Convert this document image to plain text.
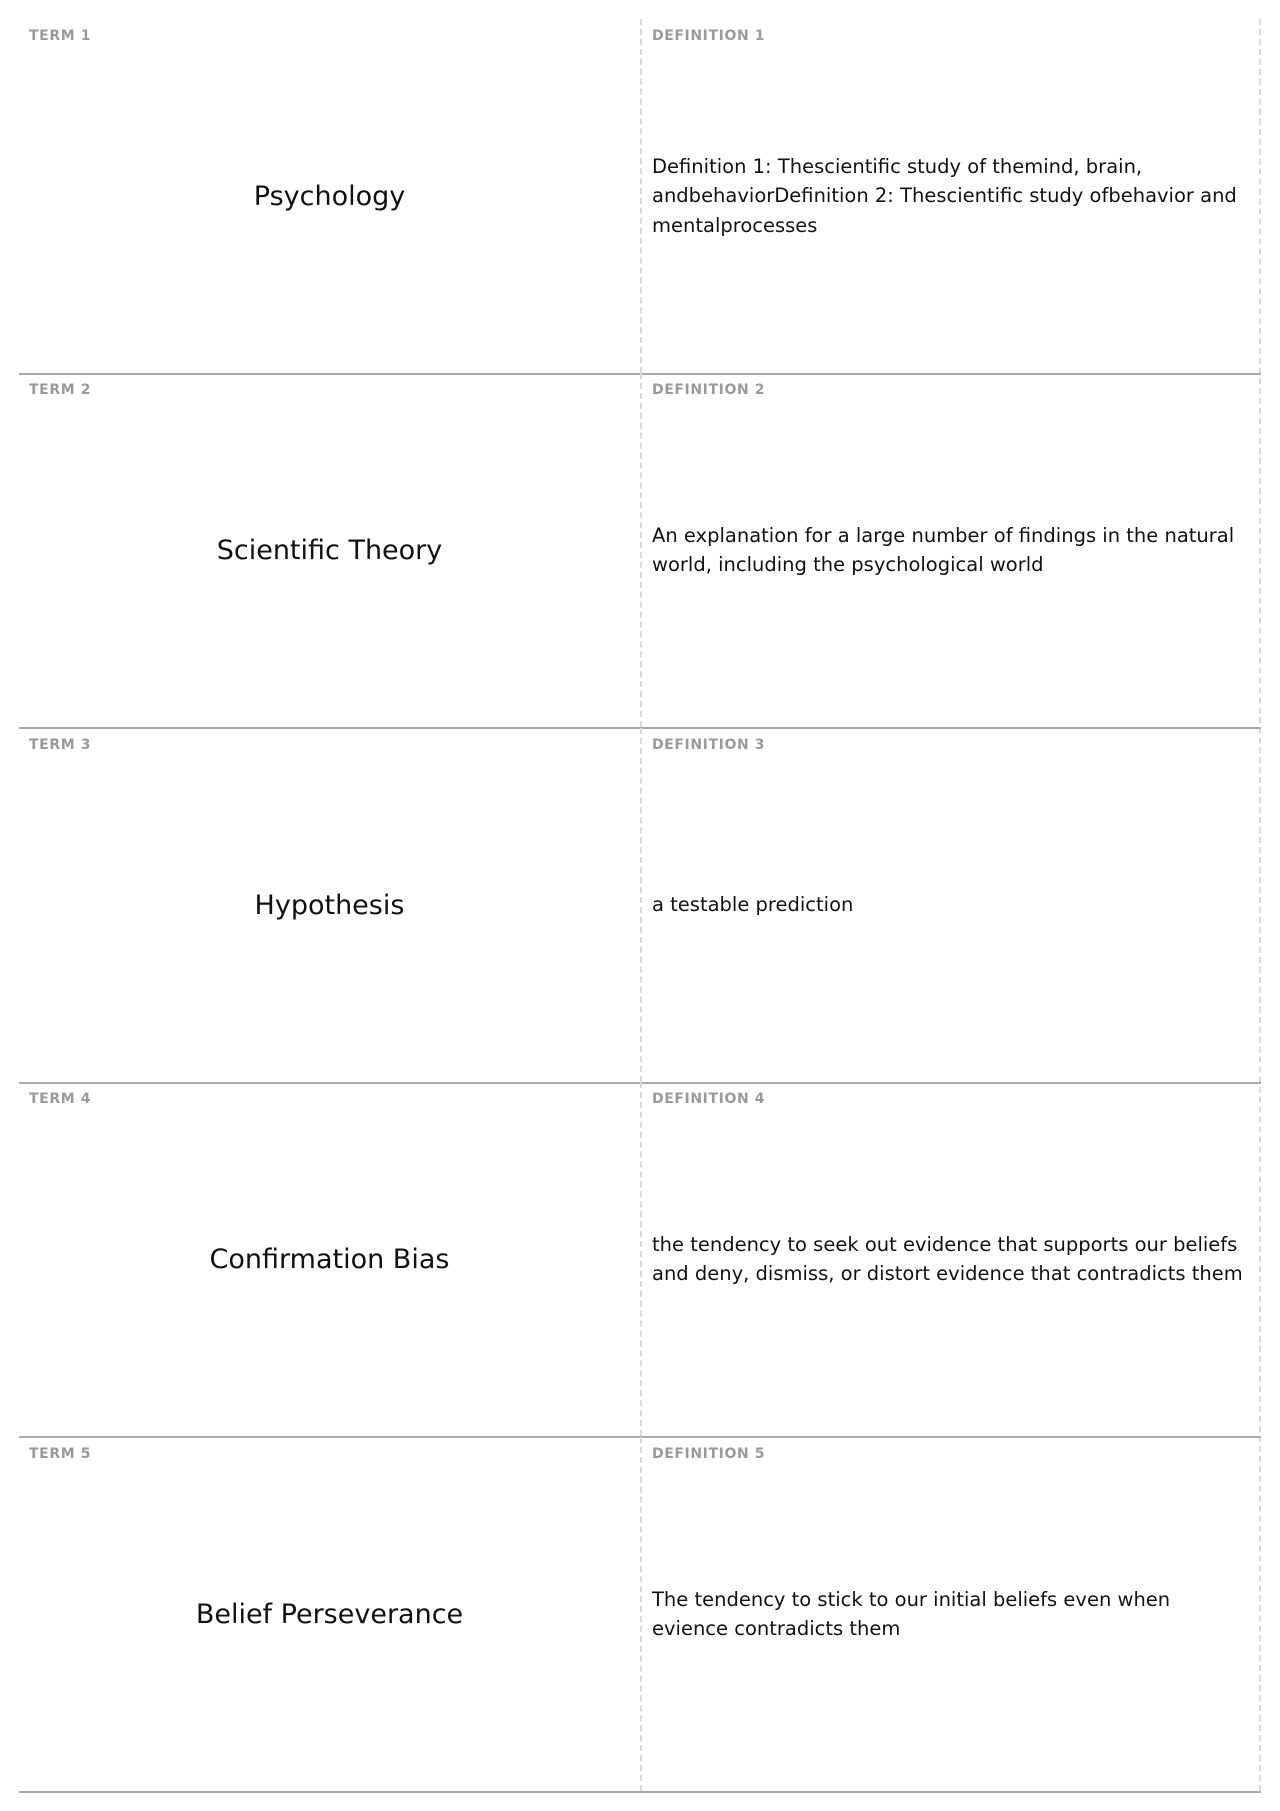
TERM 1
Psychology
DEFINITION 1
Definition 1: Thescientific study of themind, brain, andbehaviorDefinition 2: Thescientific study ofbehavior and mentalprocesses
TERM 2
Scientific Theory
DEFINITION 2
An explanation for a large number of findings in the natural world, including the psychological world
TERM 3
Hypothesis
DEFINITION 3
a testable prediction
TERM 4
Confirmation Bias
DEFINITION 4
the tendency to seek out evidence that supports our beliefs and deny, dismiss, or distort evidence that contradicts them
TERM 5
Belief Perseverance
DEFINITION 5
The tendency to stick to our initial beliefs even when evience contradicts them
